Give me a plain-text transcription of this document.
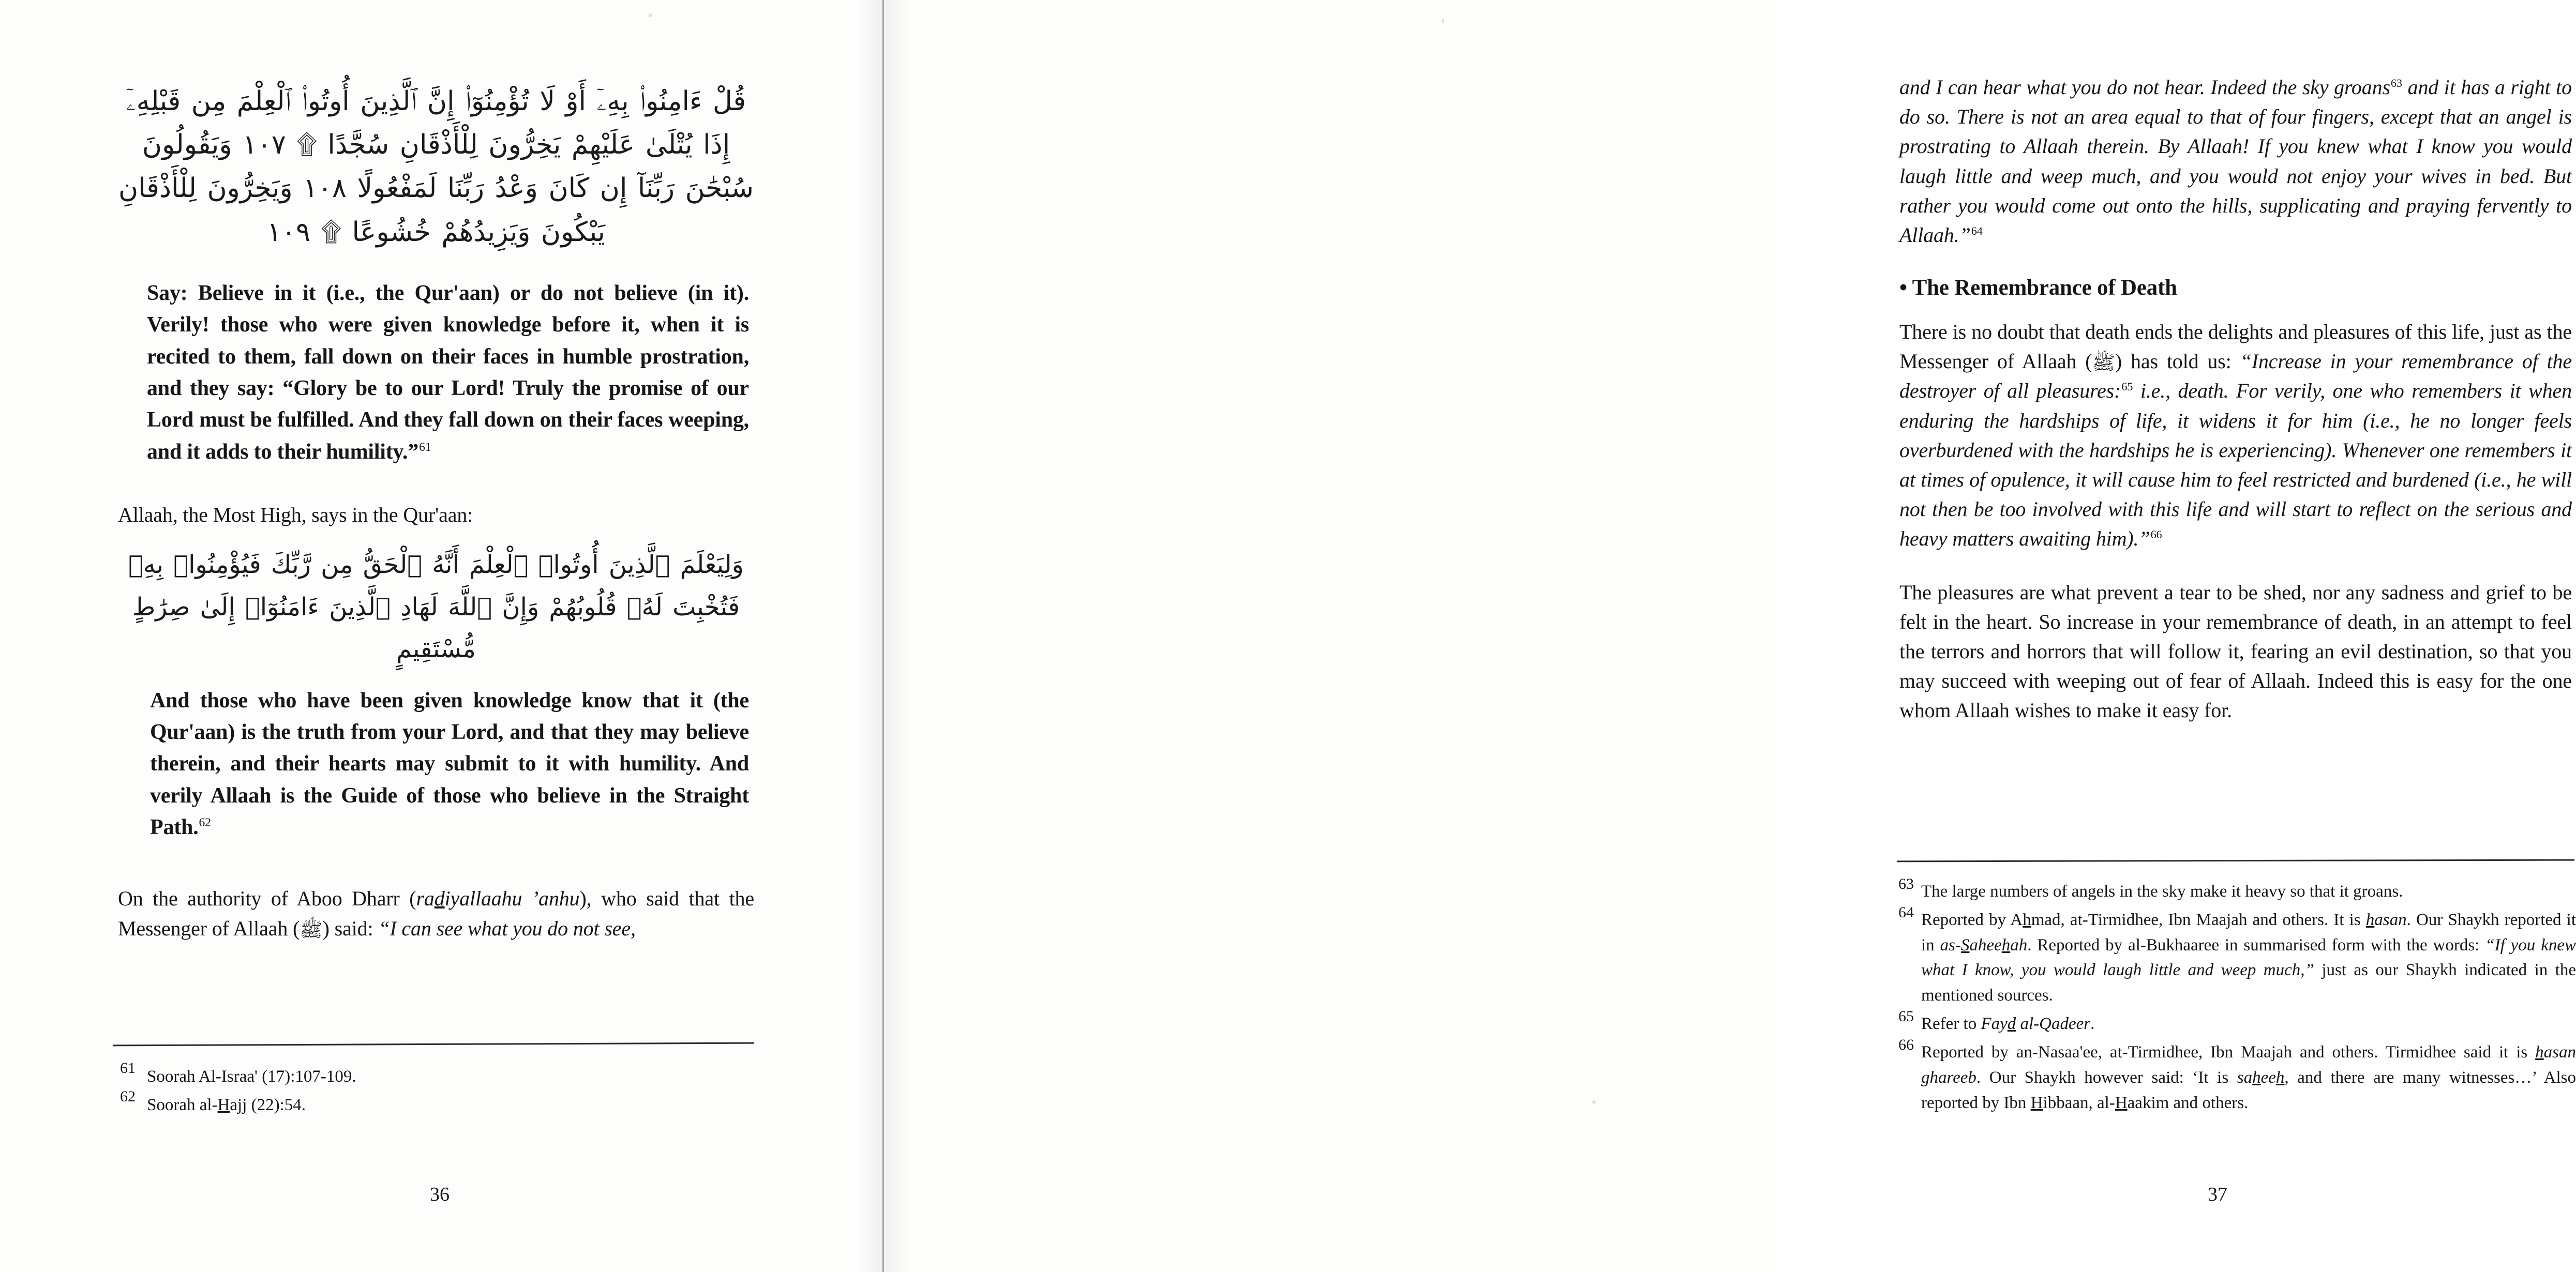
قُلْ ءَامِنُوا۟ بِهِۦٓ أَوْ لَا تُؤْمِنُوٓا۟ إِنَّ ٱلَّذِينَ أُوتُوا۟ ٱلْعِلْمَ مِن قَبْلِهِۦٓ إِذَا يُتْلَىٰ عَلَيْهِمْ يَخِرُّونَ لِلْأَذْقَانِ سُجَّدًا ۩ ١٠٧ وَيَقُولُونَ سُبْحَٰنَ رَبِّنَآ إِن كَانَ وَعْدُ رَبِّنَا لَمَفْعُولًا ١٠٨ وَيَخِرُّونَ لِلْأَذْقَانِ يَبْكُونَ وَيَزِيدُهُمْ خُشُوعًا ۩ ١٠٩
Say: Believe in it (i.e., the Qur'aan) or do not believe (in it). Verily! those who were given knowledge before it, when it is recited to them, fall down on their faces in humble prostration, and they say: “Glory be to our Lord! Truly the promise of our Lord must be fulfilled. And they fall down on their faces weeping, and it adds to their humility.”$^{61}$

Allaah, the Most High, says in the Qur'aan:

وَلِيَعْلَمَ ٱلَّذِينَ أُوتُوا۟ ٱلْعِلْمَ أَنَّهُ ٱلْحَقُّ مِن رَّبِّكَ فَيُؤْمِنُوا۟ بِهِۦ فَتُخْبِتَ لَهُۥ قُلُوبُهُمْ وَإِنَّ ٱللَّهَ لَهَادِ ٱلَّذِينَ ءَامَنُوٓا۟ إِلَىٰ صِرَٰطٍ مُّسْتَقِيمٍ
And those who have been given knowledge know that it (the Qur'aan) is the truth from your Lord, and that they may believe therein, and their hearts may submit to it with humility. And verily Allaah is the Guide of those who believe in the Straight Path.$^{62}$

On the authority of Aboo Dharr (radiyallaahu ’anhu), who said that the Messenger of Allaah (ﷺ) said: “I can see what you do not see,

61 Soorah Al-Israa' (17):107-109.

62 Soorah al-Hajj (22):54.

36

and I can hear what you do not hear. Indeed the sky groans$^{63}$ and it has a right to do so. There is not an area equal to that of four fingers, except that an angel is prostrating to Allaah therein. By Allaah! If you knew what I know you would laugh little and weep much, and you would not enjoy your wives in bed. But rather you would come out onto the hills, supplicating and praying fervently to Allaah.”$^{64}$

• The Remembrance of Death

There is no doubt that death ends the delights and pleasures of this life, just as the Messenger of Allaah (ﷺ) has told us: “Increase in your remembrance of the destroyer of all pleasures:$^{65}$ i.e., death. For verily, one who remembers it when enduring the hardships of life, it widens it for him (i.e., he no longer feels overburdened with the hardships he is experiencing). Whenever one remembers it at times of opulence, it will cause him to feel restricted and burdened (i.e., he will not then be too involved with this life and will start to reflect on the serious and heavy matters awaiting him).”$^{66}$

The pleasures are what prevent a tear to be shed, nor any sadness and grief to be felt in the heart. So increase in your remembrance of death, in an attempt to feel the terrors and horrors that will follow it, fearing an evil destination, so that you may succeed with weeping out of fear of Allaah. Indeed this is easy for the one whom Allaah wishes to make it easy for.

63 The large numbers of angels in the sky make it heavy so that it groans.

64 Reported by Ahmad, at-Tirmidhee, Ibn Maajah and others. It is hasan. Our Shaykh reported it in as-Saheehah. Reported by al-Bukhaaree in summarised form with the words: “If you knew what I know, you would laugh little and weep much,” just as our Shaykh indicated in the mentioned sources.

65 Refer to Fayd al-Qadeer.

66 Reported by an-Nasaa'ee, at-Tirmidhee, Ibn Maajah and others. Tirmidhee said it is hasan ghareeb. Our Shaykh however said: ‘It is saheeh, and there are many witnesses…’ Also reported by Ibn Hibbaan, al-Haakim and others.

37
